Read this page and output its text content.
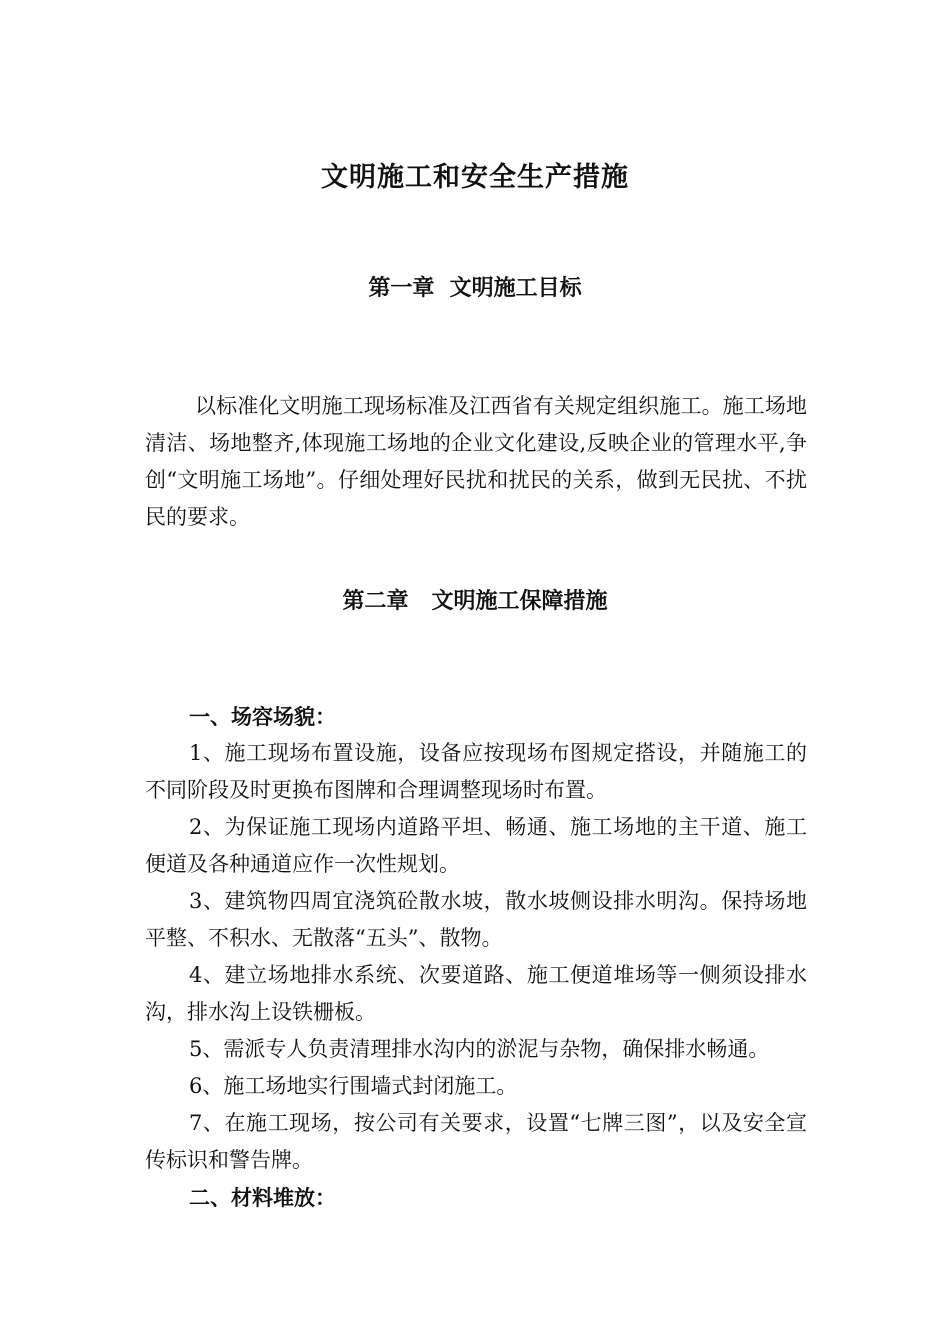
文明施工和安全生产措施
第一章  文明施工目标
以标准化文明施工现场标准及江西省有关规定组织施工。施工场地清洁、场地整齐,体现施工场地的企业文化建设,反映企业的管理水平,争创“文明施工场地”。仔细处理好民扰和扰民的关系，做到无民扰、不扰民的要求。
第二章   文明施工保障措施

一、场容场貌：

1、施工现场布置设施，设备应按现场布图规定搭设，并随施工的不同阶段及时更换布图牌和合理调整现场时布置。

2、为保证施工现场内道路平坦、畅通、施工场地的主干道、施工便道及各种通道应作一次性规划。

3、建筑物四周宜浇筑砼散水坡，散水坡侧设排水明沟。保持场地平整、不积水、无散落“五头”、散物。

4、建立场地排水系统、次要道路、施工便道堆场等一侧须设排水沟，排水沟上设铁栅板。

5、需派专人负责清理排水沟内的淤泥与杂物，确保排水畅通。

6、施工场地实行围墙式封闭施工。

7、在施工现场，按公司有关要求，设置“七牌三图”，以及安全宣传标识和警告牌。

二、材料堆放：
